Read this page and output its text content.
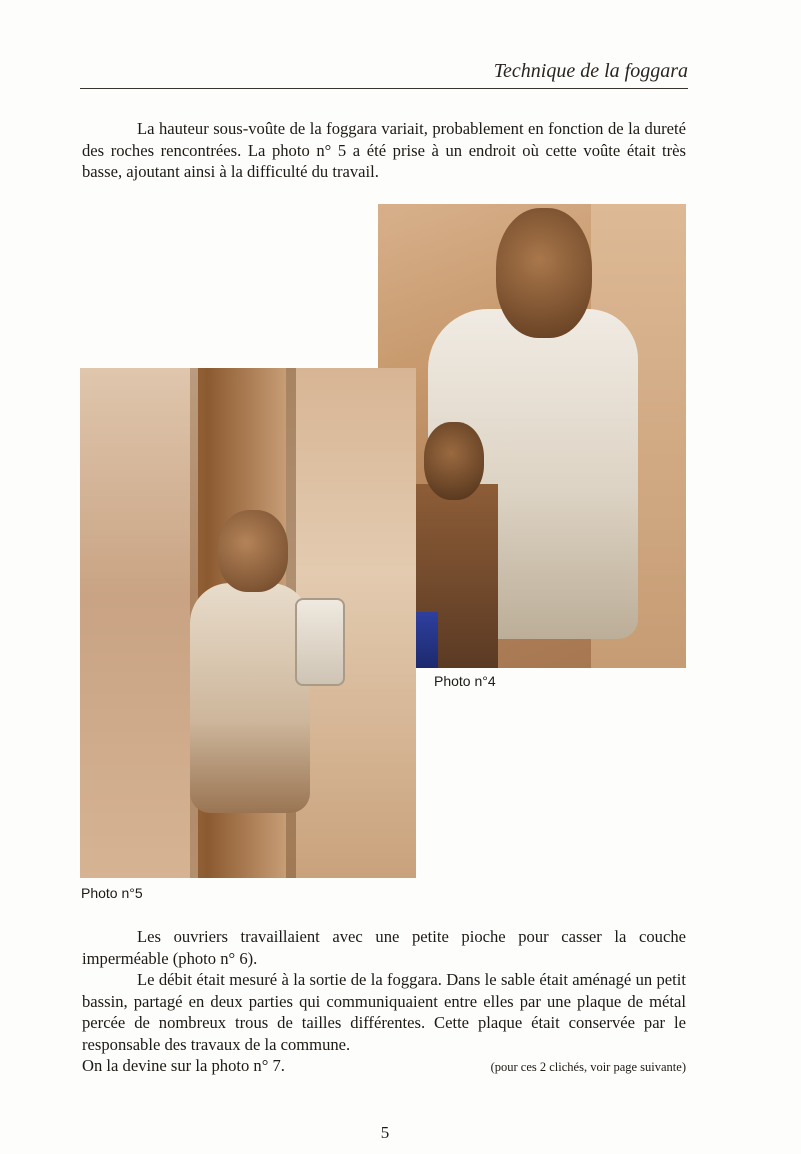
Technique de la foggara

La hauteur sous-voûte de la foggara variait, probablement en fonction de la dureté des roches rencontrées. La photo n° 5 a été prise à un endroit où cette voûte était très basse, ajoutant ainsi à la difficulté du travail.

Photo n°4
Photo n°5

Les ouvriers travaillaient avec une petite pioche pour casser la couche imperméable (photo n° 6).

Le débit était mesuré à la sortie de la foggara. Dans le sable était aménagé un petit bassin, partagé en deux parties qui communiquaient entre elles par une plaque de métal percée de nombreux trous de tailles différentes. Cette plaque était conservée par le responsable des travaux de la commune.

On la devine sur la photo n° 7.	(pour ces 2 clichés, voir page suivante)
5
